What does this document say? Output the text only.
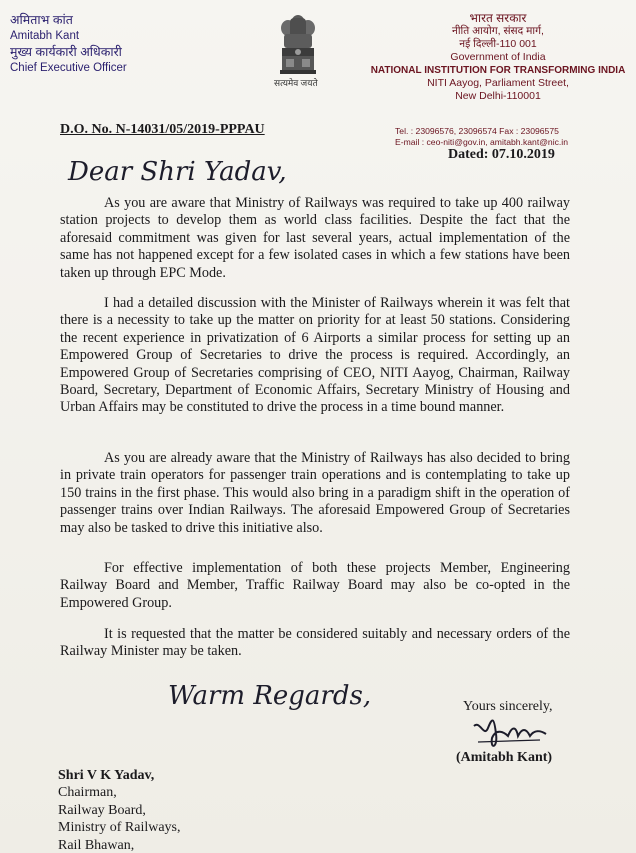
अमिताभ कांत
Amitabh Kant
मुख्य कार्यकारी अधिकारी
Chief Executive Officer
सत्यमेव जयते
भारत सरकार
नीति आयोग, संसद मार्ग,
नई दिल्ली-110 001
Government of India
NATIONAL INSTITUTION FOR TRANSFORMING INDIA
NITI Aayog, Parliament Street,
New Delhi-110001
Tel. : 23096576, 23096574 Fax : 23096575
E-mail : ceo-niti@gov.in, amitabh.kant@nic.in
D.O. No. N-14031/05/2019-PPPAU
Dated: 07.10.2019
Dear Shri Yadav,

As you are aware that Ministry of Railways was required to take up 400 railway station projects to develop them as world class facilities. Despite the fact that the aforesaid commitment was given for last several years, actual implementation of the same has not happened except for a few isolated cases in which a few stations have been taken up through EPC Mode.

I had a detailed discussion with the Minister of Railways wherein it was felt that there is a necessity to take up the matter on priority for at least 50 stations. Considering the recent experience in privatization of 6 Airports a similar process for setting up an Empowered Group of Secretaries to drive the process is required. Accordingly, an Empowered Group of Secretaries comprising of CEO, NITI Aayog, Chairman, Railway Board, Secretary, Department of Economic Affairs, Secretary Ministry of Housing and Urban Affairs may be constituted to drive the process in a time bound manner.

As you are already aware that the Ministry of Railways has also decided to bring in private train operators for passenger train operations and is contemplating to take up 150 trains in the first phase. This would also bring in a paradigm shift in the operation of passenger trains over Indian Railways. The aforesaid Empowered Group of Secretaries may also be tasked to drive this initiative also.

For effective implementation of both these projects Member, Engineering Railway Board and Member, Traffic Railway Board may also be co-opted in the Empowered Group.

It is requested that the matter be considered suitably and necessary orders of the Railway Minister may be taken.

Warm Regards,	Yours sincerely,
(Amitabh Kant)
Shri V K Yadav,
Chairman,
Railway Board,
Ministry of Railways,
Rail Bhawan,
